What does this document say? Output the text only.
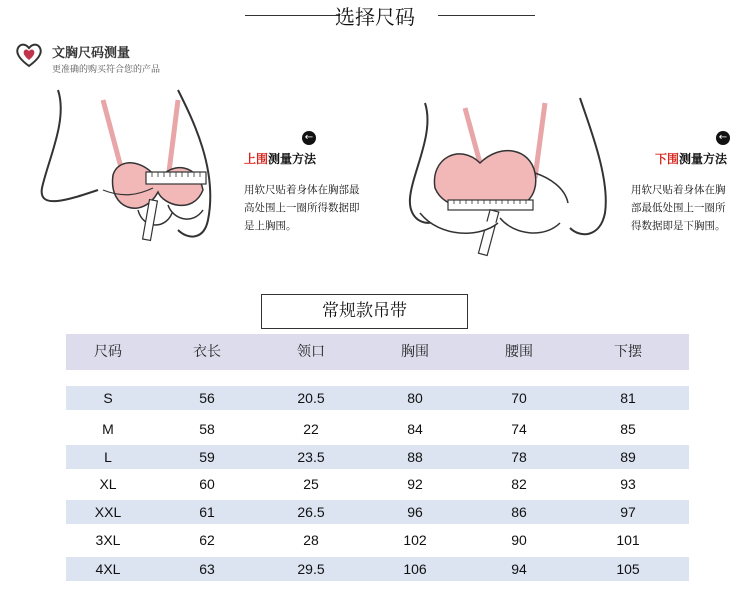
选择尺码
文胸尺码测量
更准确的购买符合您的产品
←
上围测量方法
用软尺贴着身体在胸部最
高处围上一圈所得数据即
是上胸围。
←
下围测量方法
用软尺贴着身体在胸
部最低处围上一圈所
得数据即是下胸围。
常规款吊带
尺码	衣长	领口	胸围	腰围	下摆
S	56	20.5	80	70	81
M	58	22	84	74	85
L	59	23.5	88	78	89
XL	60	25	92	82	93
XXL	61	26.5	96	86	97
3XL	62	28	102	90	101
4XL	63	29.5	106	94	105
